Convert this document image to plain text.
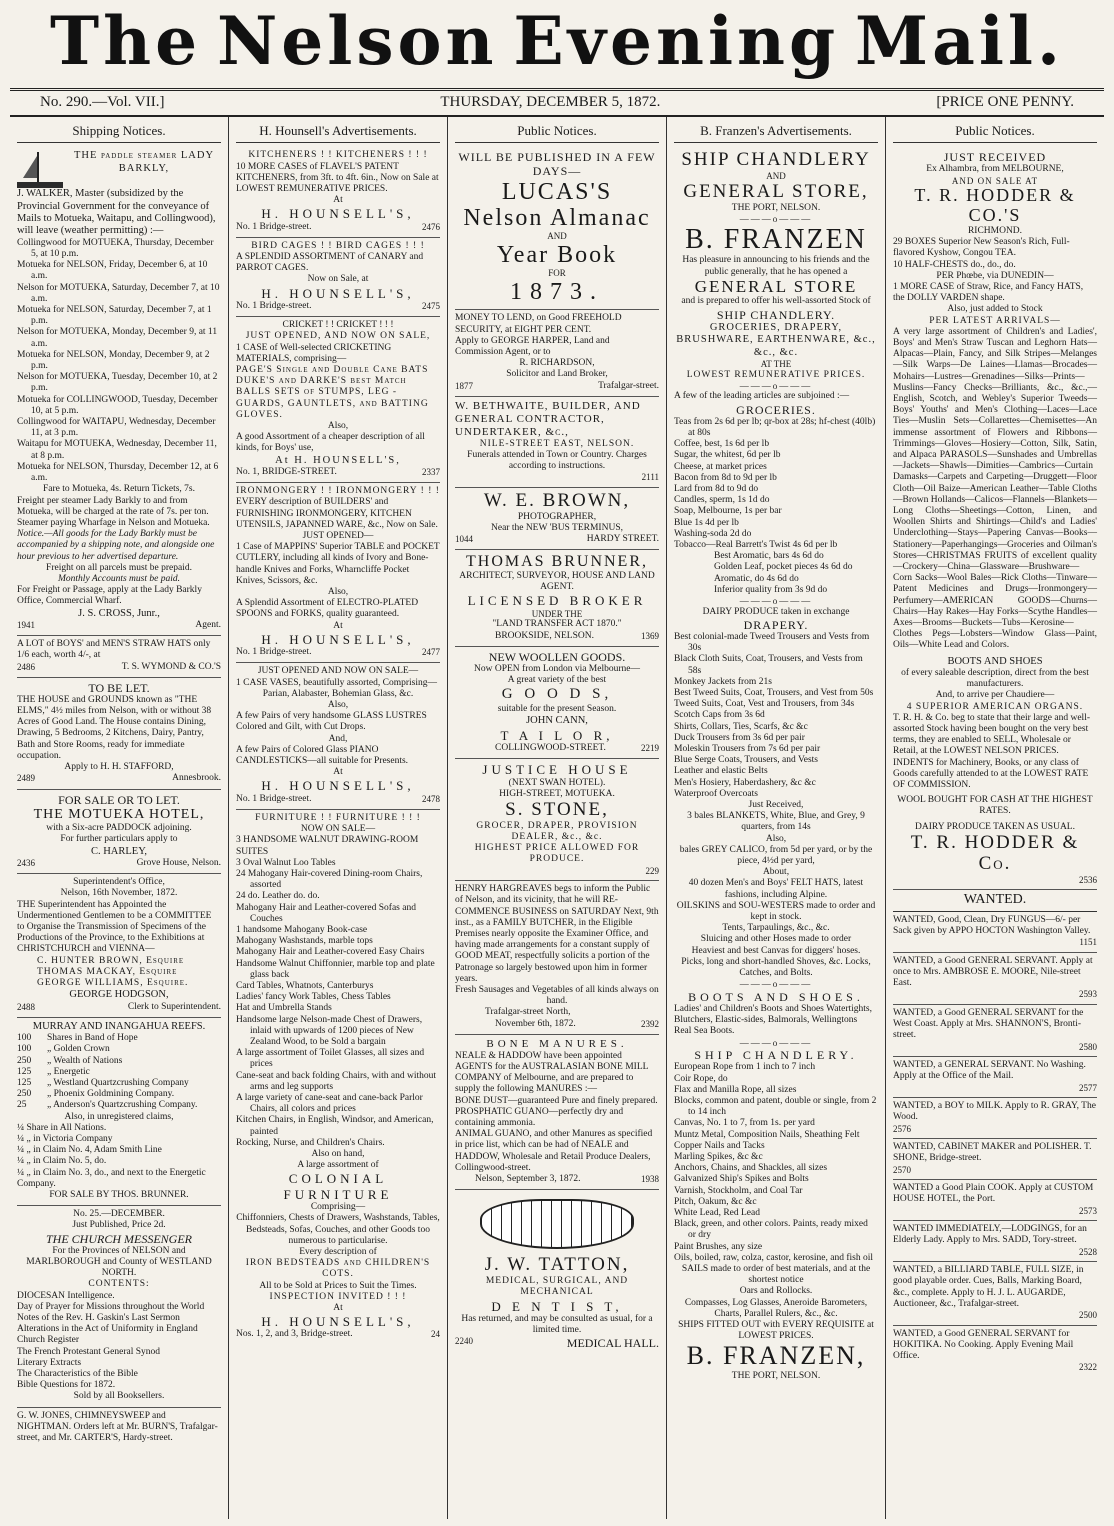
The Nelson Evening Mail.
No. 290.—Vol. VII.]	THURSDAY, DECEMBER 5, 1872.	[PRICE ONE PENNY.
Shipping Notices.
THE paddle steamer LADY BARKLY,
J. WALKER, Master (subsidized by the Provincial Government for the conveyance of Mails to Motueka, Waitapu, and Collingwood), will leave (weather permitting) :—
Collingwood for MOTUEKA, Thursday, December 5, at 10 p.m.
Motueka for NELSON, Friday, December 6, at 10 a.m.
Nelson for MOTUEKA, Saturday, December 7, at 10 a.m.
Motueka for NELSON, Saturday, December 7, at 1 p.m.
Nelson for MOTUEKA, Monday, December 9, at 11 a.m.
Motueka for NELSON, Monday, December 9, at 2 p.m.
Nelson for MOTUEKA, Tuesday, December 10, at 2 p.m.
Motueka for COLLINGWOOD, Tuesday, December 10, at 5 p.m.
Collingwood for WAITAPU, Wednesday, December 11, at 3 p.m.
Waitapu for MOTUEKA, Wednesday, December 11, at 8 p.m.
Motueka for NELSON, Thursday, December 12, at 6 a.m.
Fare to Motueka, 4s. Return Tickets, 7s.
Freight per steamer Lady Barkly to and from Motueka, will be charged at the rate of 7s. per ton. Steamer paying Wharfage in Nelson and Motueka.
Notice.—All goods for the Lady Barkly must be accompanied by a shipping note, and alongside one hour previous to her advertised departure.
Freight on all parcels must be prepaid.
Monthly Accounts must be paid.
For Freight or Passage, apply at the Lady Barkly Office, Commercial Wharf.
J. S. CROSS, Junr.,
1941	Agent.
A LOT of BOYS' and MEN'S STRAW HATS only 1/6 each, worth 4/-, at
2486	T. S. WYMOND & CO.'S
TO BE LET.
THE HOUSE and GROUNDS known as "THE ELMS," 4½ miles from Nelson, with or without 38 Acres of Good Land. The House contains Dining, Drawing, 5 Bedrooms, 2 Kitchens, Dairy, Pantry, Bath and Store Rooms, ready for immediate occupation.
Apply to H. H. STAFFORD,
2489	Annesbrook.
FOR SALE OR TO LET.
THE MOTUEKA HOTEL,
with a Six-acre PADDOCK adjoining.
For further particulars apply to
C. HARLEY,
2436	Grove House, Nelson.
Superintendent's Office,
Nelson, 16th November, 1872.
THE Superintendent has Appointed the Undermentioned Gentlemen to be a COMMITTEE to Organise the Transmission of Specimens of the Productions of the Province, to the Exhibitions at CHRISTCHURCH and VIENNA—
C. HUNTER BROWN, Esquire
THOMAS MACKAY, Esquire
GEORGE WILLIAMS, Esquire.
GEORGE HODGSON,
2488	Clerk to Superintendent.
MURRAY AND INANGAHUA REEFS.
100	Shares in Band of Hope
100	„ Golden Crown
250	„ Wealth of Nations
125	„ Energetic
125	„ Westland Quartzcrushing Company
250	„ Phoenix Goldmining Company.
25	„ Anderson's Quartzcrushing Company.
Also, in unregistered claims,
¼ Share in All Nations.
¼ „ in Victoria Company
¼ „ in Claim No. 4, Adam Smith Line
¼ „ in Claim No. 5, do.
¼ „ in Claim No. 3, do., and next to the Energetic Company.
FOR SALE BY THOS. BRUNNER.
No. 25.—DECEMBER.
Just Published, Price 2d.
THE CHURCH MESSENGER
For the Provinces of NELSON and MARLBOROUGH and County of WESTLAND NORTH.
CONTENTS:
DIOCESAN Intelligence.
Day of Prayer for Missions throughout the World
Notes of the Rev. H. Gaskin's Last Sermon
Alterations in the Act of Uniformity in England
Church Register
The French Protestant General Synod
Literary Extracts
The Characteristics of the Bible
Bible Questions for 1872.
Sold by all Booksellers.
G. W. JONES, CHIMNEYSWEEP and NIGHTMAN. Orders left at Mr. BURN'S, Trafalgar-street, and Mr. CARTER'S, Hardy-street.
H. Hounsell's Advertisements.
KITCHENERS ! ! KITCHENERS ! ! !
10 MORE CASES of FLAVEL'S PATENT KITCHENERS, from 3ft. to 4ft. 6in., Now on Sale at LOWEST REMUNERATIVE PRICES.
At
H. HOUNSELL'S,
No. 1 Bridge-street.	2476
BIRD CAGES ! ! BIRD CAGES ! ! !
A SPLENDID ASSORTMENT of CANARY and PARROT CAGES.
Now on Sale, at
H. HOUNSELL'S,
No. 1 Bridge-street.	2475
CRICKET ! ! CRICKET ! ! !
JUST OPENED, AND NOW ON SALE,
1 CASE of Well-selected CRICKETING MATERIALS, comprising—
PAGE'S Single and Double Cane BATS DUKE'S and DARKE'S best Match BALLS SETS of STUMPS, LEG - GUARDS, GAUNTLETS, and BATTING GLOVES.
Also,
A good Assortment of a cheaper description of all kinds, for Boys' use,
At H. HOUNSELL'S,
No. 1, BRIDGE-STREET.	2337
IRONMONGERY ! ! IRONMONGERY ! ! !
EVERY description of BUILDERS' and FURNISHING IRONMONGERY, KITCHEN UTENSILS, JAPANNED WARE, &c., Now on Sale.
JUST OPENED—
1 Case of MAPPINS' Superior TABLE and POCKET CUTLERY, including all kinds of Ivory and Bone-handle Knives and Forks, Wharncliffe Pocket Knives, Scissors, &c.
Also,
A Splendid Assortment of ELECTRO-PLATED SPOONS and FORKS, quality guaranteed.
At
H. HOUNSELL'S,
No. 1 Bridge-street.	2477
JUST OPENED AND NOW ON SALE—
1 CASE VASES, beautifully assorted, Comprising—
Parian, Alabaster, Bohemian Glass, &c.
Also,
A few Pairs of very handsome GLASS LUSTRES Colored and Gilt, with Cut Drops.
And,
A few Pairs of Colored Glass PIANO CANDLESTICKS—all suitable for Presents.
At
H. HOUNSELL'S,
No. 1 Bridge-street.	2478
FURNITURE ! ! FURNITURE ! ! !
NOW ON SALE—
3 HANDSOME WALNUT DRAWING-ROOM SUITES
3 Oval Walnut Loo Tables
24 Mahogany Hair-covered Dining-room Chairs, assorted
24 do. Leather do. do.
Mahogany Hair and Leather-covered Sofas and Couches
1 handsome Mahogany Book-case
Mahogany Washstands, marble tops
Mahogany Hair and Leather-covered Easy Chairs
Handsome Walnut Chiffonnier, marble top and plate glass back
Card Tables, Whatnots, Canterburys
Ladies' fancy Work Tables, Chess Tables
Hat and Umbrella Stands
Handsome large Nelson-made Chest of Drawers, inlaid with upwards of 1200 pieces of New Zealand Wood, to be Sold a bargain
A large assortment of Toilet Glasses, all sizes and prices
Cane-seat and back folding Chairs, with and without arms and leg supports
A large variety of cane-seat and cane-back Parlor Chairs, all colors and prices
Kitchen Chairs, in English, Windsor, and American, painted
Rocking, Nurse, and Children's Chairs.
Also on hand,
A large assortment of
COLONIAL FURNITURE
Comprising—
Chiffonniers, Chests of Drawers, Washstands, Tables, Bedsteads, Sofas, Couches, and other Goods too numerous to particularise.
Every description of
IRON BEDSTEADS and CHILDREN'S COTS.
All to be Sold at Prices to Suit the Times.
INSPECTION INVITED ! ! !
At
H. HOUNSELL'S,
Nos. 1, 2, and 3, Bridge-street.	24
Public Notices.
WILL BE PUBLISHED IN A FEW DAYS—
LUCAS'S
Nelson Almanac
AND
Year Book
FOR
1873.
MONEY TO LEND, on Good FREEHOLD SECURITY, at EIGHT PER CENT.
Apply to GEORGE HARPER, Land and Commission Agent, or to
R. RICHARDSON,
Solicitor and Land Broker,
1877	Trafalgar-street.
W. BETHWAITE, BUILDER, AND GENERAL CONTRACTOR, UNDERTAKER, &c.,
NILE-STREET EAST, NELSON.
Funerals attended in Town or Country. Charges according to instructions.
2111
W. E. BROWN,
PHOTOGRAPHER,
Near the NEW 'BUS TERMINUS,
1044	HARDY STREET.
THOMAS BRUNNER,
ARCHITECT, SURVEYOR, HOUSE AND LAND AGENT.
LICENSED BROKER
UNDER THE
"LAND TRANSFER ACT 1870."
BROOKSIDE, NELSON.	1369
NEW WOOLLEN GOODS.
Now OPEN from London via Melbourne—
A great variety of the best
G O O D S,
suitable for the present Season.
JOHN CANN,
T A I L O R,
COLLINGWOOD-STREET.	2219
JUSTICE HOUSE
(NEXT SWAN HOTEL).
HIGH-STREET, MOTUEKA.
S. STONE,
GROCER, DRAPER, PROVISION DEALER, &c., &c.
HIGHEST PRICE ALLOWED FOR PRODUCE.
229
HENRY HARGREAVES begs to inform the Public of Nelson, and its vicinity, that he will RE-COMMENCE BUSINESS on SATURDAY Next, 9th inst., as a FAMILY BUTCHER, in the Eligible Premises nearly opposite the Examiner Office, and having made arrangements for a constant supply of GOOD MEAT, respectfully solicits a portion of the Patronage so largely bestowed upon him in former years.
Fresh Sausages and Vegetables of all kinds always on hand.
Trafalgar-street North,
November 6th, 1872.	2392
BONE MANURES.
NEALE & HADDOW have been appointed AGENTS for the AUSTRALASIAN BONE MILL COMPANY of Melbourne, and are prepared to supply the following MANURES :—
BONE DUST—guaranteed Pure and finely prepared.
PROSPHATIC GUANO—perfectly dry and containing ammonia.
ANIMAL GUANO, and other Manures as specified in price list, which can be had of NEALE and HADDOW, Wholesale and Retail Produce Dealers, Collingwood-street.
Nelson, September 3, 1872.	1938
J. W. TATTON,
MEDICAL, SURGICAL, AND MECHANICAL
D E N T I S T,
Has returned, and may be consulted as usual, for a limited time.
2240	MEDICAL HALL.
B. Franzen's Advertisements.
SHIP CHANDLERY
AND
GENERAL STORE,
THE PORT, NELSON.
———o———
B. FRANZEN
Has pleasure in announcing to his friends and the public generally, that he has opened a
GENERAL STORE
and is prepared to offer his well-assorted Stock of
SHIP CHANDLERY.
GROCERIES, DRAPERY, BRUSHWARE, EARTHENWARE, &c., &c., &c.
AT THE
LOWEST REMUNERATIVE PRICES.
———o———
A few of the leading articles are subjoined :—
GROCERIES.
Teas from 2s 6d per lb; qr-box at 28s; hf-chest (40lb) at 80s
Coffee, best, 1s 6d per lb
Sugar, the whitest, 6d per lb
Cheese, at market prices
Bacon from 8d to 9d per lb
Lard from 8d to 9d do
Candles, sperm, 1s 1d do
Soap, Melbourne, 1s per bar
Blue 1s 4d per lb
Washing-soda 2d do
Tobacco—Real Barrett's Twist 4s 6d per lb
Best Aromatic, bars 4s 6d do
Golden Leaf, pocket pieces 4s 6d do
Aromatic, do 4s 6d do
Inferior quality from 3s 9d do
———o———
DAIRY PRODUCE taken in exchange
DRAPERY.
Best colonial-made Tweed Trousers and Vests from 30s
Black Cloth Suits, Coat, Trousers, and Vests from 58s
Monkey Jackets from 21s
Best Tweed Suits, Coat, Trousers, and Vest from 50s
Tweed Suits, Coat, Vest and Trousers, from 34s
Scotch Caps from 3s 6d
Shirts, Collars, Ties, Scarfs, &c &c
Duck Trousers from 3s 6d per pair
Moleskin Trousers from 7s 6d per pair
Blue Serge Coats, Trousers, and Vests
Leather and elastic Belts
Men's Hosiery, Haberdashery, &c &c
Waterproof Overcoats
Just Received,
3 bales BLANKETS, White, Blue, and Grey, 9 quarters, from 14s
Also,
bales GREY CALICO, from 5d per yard, or by the piece, 4½d per yard,
About,
40 dozen Men's and Boys' FELT HATS, latest fashions, including Alpine.
OILSKINS and SOU-WESTERS made to order and kept in stock.
Tents, Tarpaulings, &c., &c.
Sluicing and other Hoses made to order
Heaviest and best Canvas for diggers' hoses.
Picks, long and short-handled Shoves, &c. Locks, Catches, and Bolts.
———o———
BOOTS AND SHOES.
Ladies' and Children's Boots and Shoes Watertights, Blutchers, Elastic-sides, Balmorals, Wellingtons
Real Sea Boots.
———o———
SHIP CHANDLERY.
European Rope from 1 inch to 7 inch
Coir Rope, do
Flax and Manilla Rope, all sizes
Blocks, common and patent, double or single, from 2 to 14 inch
Canvas, No. 1 to 7, from 1s. per yard
Muntz Metal, Composition Nails, Sheathing Felt
Copper Nails and Tacks
Marling Spikes, &c &c
Anchors, Chains, and Shackles, all sizes
Galvanized Ship's Spikes and Bolts
Varnish, Stockholm, and Coal Tar
Pitch, Oakum, &c &c
White Lead, Red Lead
Black, green, and other colors. Paints, ready mixed or dry
Paint Brushes, any size
Oils, boiled, raw, colza, castor, kerosine, and fish oil
SAILS made to order of best materials, and at the shortest notice
Oars and Rollocks.
Compasses, Log Glasses, Aneroide Barometers, Charts, Parallel Rulers, &c., &c.
SHIPS FITTED OUT with EVERY REQUISITE at LOWEST PRICES.
B. FRANZEN,
THE PORT, NELSON.
Public Notices.
JUST RECEIVED
Ex Alhambra, from MELBOURNE,
AND ON SALE AT
T. R. HODDER & CO.'S
RICHMOND.
29 BOXES Superior New Season's Rich, Full-flavored Kyshow, Congou TEA.
10 HALF-CHESTS do., do., do.
PER Phœbe, via DUNEDIN—
1 MORE CASE of Straw, Rice, and Fancy HATS, the DOLLY VARDEN shape.
Also, just added to Stock
PER LATEST ARRIVALS—
A very large assortment of Children's and Ladies', Boys' and Men's Straw Tuscan and Leghorn Hats—Alpacas—Plain, Fancy, and Silk Stripes—Melanges—Silk Warps—De Laines—Llamas—Brocades—Mohairs—Lustres—Grenadines—Silks—Prints—Muslins—Fancy Checks—Brilliants, &c., &c.,—English, Scotch, and Webley's Superior Tweeds—Boys' Youths' and Men's Clothing—Laces—Lace Ties—Muslin Sets—Collarettes—Chemisettes—An immense assortment of Flowers and Ribbons—Trimmings—Gloves—Hosiery—Cotton, Silk, Satin, and Alpaca PARASOLS—Sunshades and Umbrellas—Jackets—Shawls—Dimities—Cambrics—Curtain Damasks—Carpets and Carpeting—Druggett—Floor Cloth—Oil Baize—American Leather—Table Cloths—Brown Hollands—Calicos—Flannels—Blankets—Long Cloths—Sheetings—Cotton, Linen, and Woollen Shirts and Shirtings—Child's and Ladies' Underclothing—Stays—Papering Canvas—Books—Stationery—Paperhangings—Groceries and Oilman's Stores—CHRISTMAS FRUITS of excellent quality—Crockery—China—Glassware—Brushware—Corn Sacks—Wool Bales—Rick Cloths—Tinware—Patent Medicines and Drugs—Ironmongery—Perfumery—AMERICAN GOODS—Churns—Chairs—Hay Rakes—Hay Forks—Scythe Handles—Axes—Brooms—Buckets—Tubs—Kerosine—Clothes Pegs—Lobsters—Window Glass—Paint, Oils—White Lead and Colors.
BOOTS AND SHOES
of every saleable description, direct from the best manufacturers.
And, to arrive per Chaudiere—
4 SUPERIOR AMERICAN ORGANS.
T. R. H. & Co. beg to state that their large and well-assorted Stock having been bought on the very best terms, they are enabled to SELL, Wholesale or Retail, at the LOWEST NELSON PRICES. INDENTS for Machinery, Books, or any class of Goods carefully attended to at the LOWEST RATE OF COMMISSION.
WOOL BOUGHT FOR CASH AT THE HIGHEST RATES.
DAIRY PRODUCE TAKEN AS USUAL.
T. R. HODDER & Co.
2536
WANTED.
WANTED, Good, Clean, Dry FUNGUS—6/- per Sack given by APPO HOCTON Washington Valley.
1151
WANTED, a Good GENERAL SERVANT. Apply at once to Mrs. AMBROSE E. MOORE, Nile-street East.
2593
WANTED, a Good GENERAL SERVANT for the West Coast. Apply at Mrs. SHANNON'S, Bronti-street.
2580
WANTED, a GENERAL SERVANT. No Washing. Apply at the Office of the Mail.
2577
WANTED, a BOY to MILK. Apply to R. GRAY, The Wood.
2576
WANTED, CABINET MAKER and POLISHER. T. SHONE, Bridge-street.
2570
WANTED a Good Plain COOK. Apply at CUSTOM HOUSE HOTEL, the Port.
2573
WANTED IMMEDIATELY,—LODGINGS, for an Elderly Lady. Apply to Mrs. SADD, Tory-street.
2528
WANTED, a BILLIARD TABLE, FULL SIZE, in good playable order. Cues, Balls, Marking Board, &c., complete. Apply to H. J. L. AUGARDE, Auctioneer, &c., Trafalgar-street.
2500
WANTED, a Good GENERAL SERVANT for HOKITIKA. No Cooking. Apply Evening Mail Office.
2322
